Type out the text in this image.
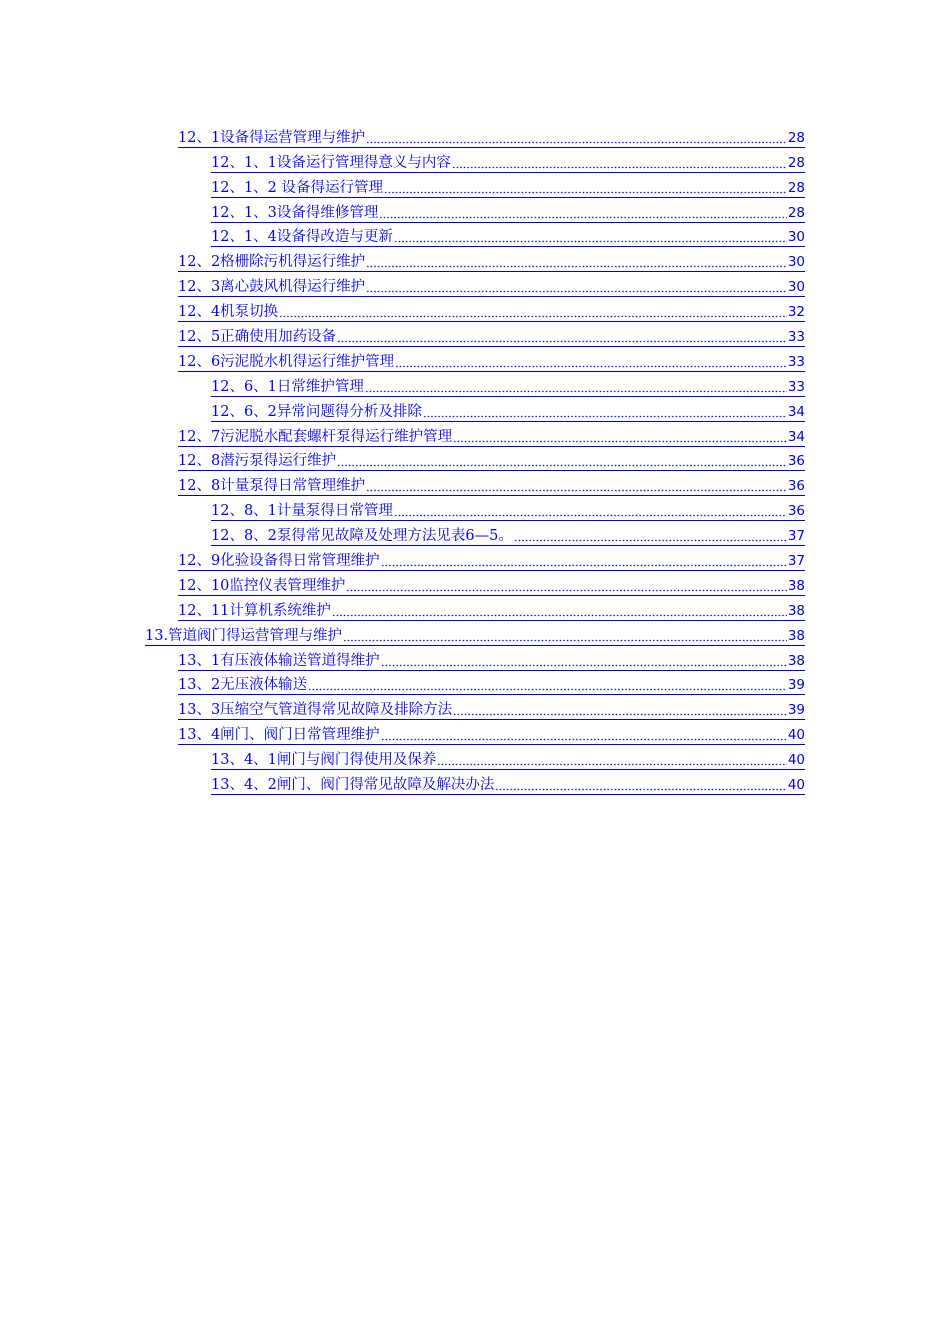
12、1设备得运营管理与维护	28
12、1、1设备运行管理得意义与内容	28
12、1、2 设备得运行管理	28
12、1、3设备得维修管理	28
12、1、4设备得改造与更新	30
12、2格栅除污机得运行维护	30
12、3离心鼓风机得运行维护	30
12、4机泵切换	32
12、5正确使用加药设备	33
12、6污泥脱水机得运行维护管理	33
12、6、1日常维护管理	33
12、6、2异常问题得分析及排除	34
12、7污泥脱水配套螺杆泵得运行维护管理	34
12、8潜污泵得运行维护	36
12、8计量泵得日常管理维护	36
12、8、1计量泵得日常管理	36
12、8、2泵得常见故障及处理方法见表6—5。	37
12、9化验设备得日常管理维护	37
12、10监控仪表管理维护	38
12、11计算机系统维护	38
13.管道阀门得运营管理与维护	38
13、1有压液体输送管道得维护	38
13、2无压液体输送	39
13、3压缩空气管道得常见故障及排除方法	39
13、4闸门、阀门日常管理维护	40
13、4、1闸门与阀门得使用及保养	40
13、4、2闸门、阀门得常见故障及解决办法	40
